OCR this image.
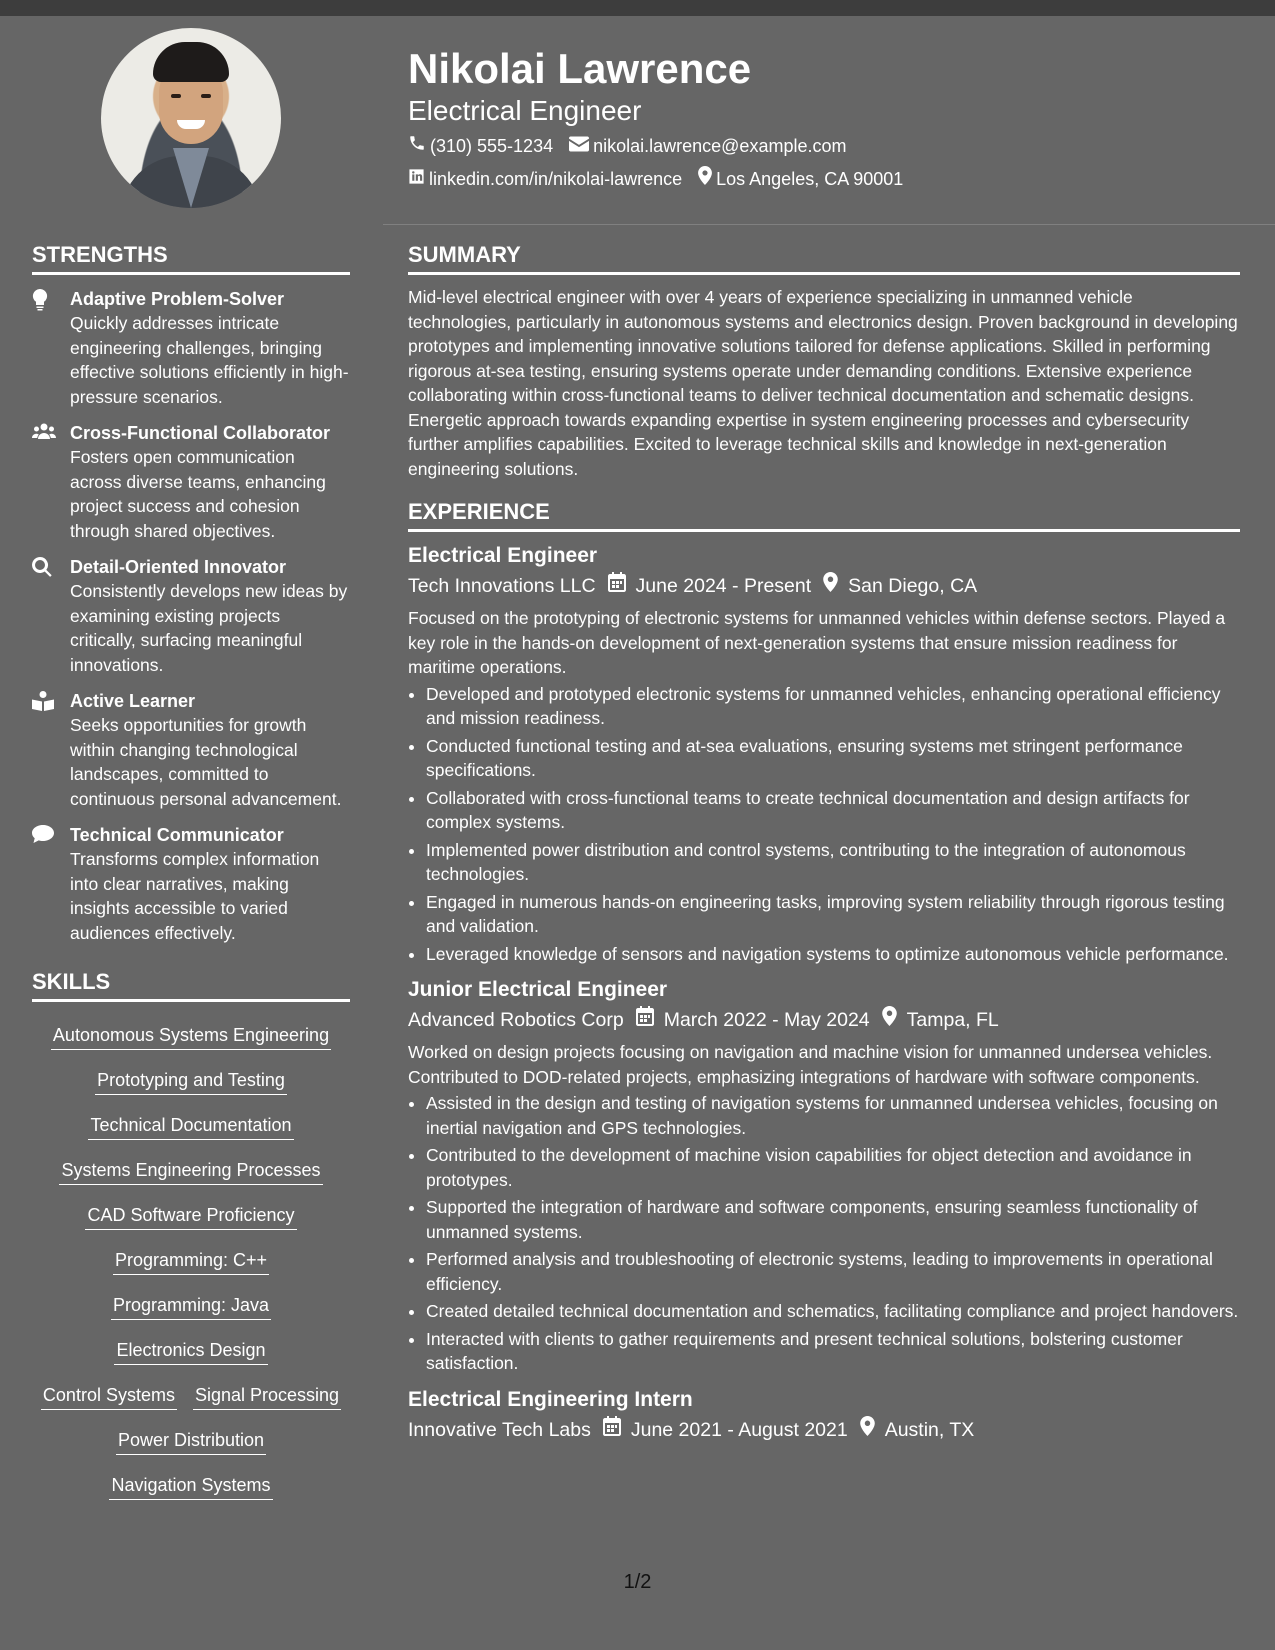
Nikolai Lawrence
Electrical Engineer
(310) 555-1234 nikolai.lawrence@example.com
linkedin.com/in/nikolai-lawrence Los Angeles, CA 90001
STRENGTHS
Adaptive Problem-Solver
Quickly addresses intricate engineering challenges, bringing effective solutions efficiently in high-pressure scenarios.
Cross-Functional Collaborator
Fosters open communication across diverse teams, enhancing project success and cohesion through shared objectives.
Detail-Oriented Innovator
Consistently develops new ideas by examining existing projects critically, surfacing meaningful innovations.
Active Learner
Seeks opportunities for growth within changing technological landscapes, committed to continuous personal advancement.
Technical Communicator
Transforms complex information into clear narratives, making insights accessible to varied audiences effectively.
SKILLS
Autonomous Systems Engineering
Prototyping and Testing
Technical Documentation
Systems Engineering Processes
CAD Software Proficiency
Programming: C++
Programming: Java
Electronics Design
Control Systems Signal Processing
Power Distribution
Navigation Systems
SUMMARY
Mid-level electrical engineer with over 4 years of experience specializing in unmanned vehicle technologies, particularly in autonomous systems and electronics design. Proven background in developing prototypes and implementing innovative solutions tailored for defense applications. Skilled in performing rigorous at-sea testing, ensuring systems operate under demanding conditions. Extensive experience collaborating within cross-functional teams to deliver technical documentation and schematic designs. Energetic approach towards expanding expertise in system engineering processes and cybersecurity further amplifies capabilities. Excited to leverage technical skills and knowledge in next-generation engineering solutions.
EXPERIENCE
Electrical Engineer
Tech Innovations LLC June 2024 - Present San Diego, CA
Focused on the prototyping of electronic systems for unmanned vehicles within defense sectors. Played a key role in the hands-on development of next-generation systems that ensure mission readiness for maritime operations.
• Developed and prototyped electronic systems for unmanned vehicles, enhancing operational efficiency and mission readiness.
• Conducted functional testing and at-sea evaluations, ensuring systems met stringent performance specifications.
• Collaborated with cross-functional teams to create technical documentation and design artifacts for complex systems.
• Implemented power distribution and control systems, contributing to the integration of autonomous technologies.
• Engaged in numerous hands-on engineering tasks, improving system reliability through rigorous testing and validation.
• Leveraged knowledge of sensors and navigation systems to optimize autonomous vehicle performance.
Junior Electrical Engineer
Advanced Robotics Corp March 2022 - May 2024 Tampa, FL
Worked on design projects focusing on navigation and machine vision for unmanned undersea vehicles. Contributed to DOD-related projects, emphasizing integrations of hardware with software components.
• Assisted in the design and testing of navigation systems for unmanned undersea vehicles, focusing on inertial navigation and GPS technologies.
• Contributed to the development of machine vision capabilities for object detection and avoidance in prototypes.
• Supported the integration of hardware and software components, ensuring seamless functionality of unmanned systems.
• Performed analysis and troubleshooting of electronic systems, leading to improvements in operational efficiency.
• Created detailed technical documentation and schematics, facilitating compliance and project handovers.
• Interacted with clients to gather requirements and present technical solutions, bolstering customer satisfaction.
Electrical Engineering Intern
Innovative Tech Labs June 2021 - August 2021 Austin, TX
1/2
